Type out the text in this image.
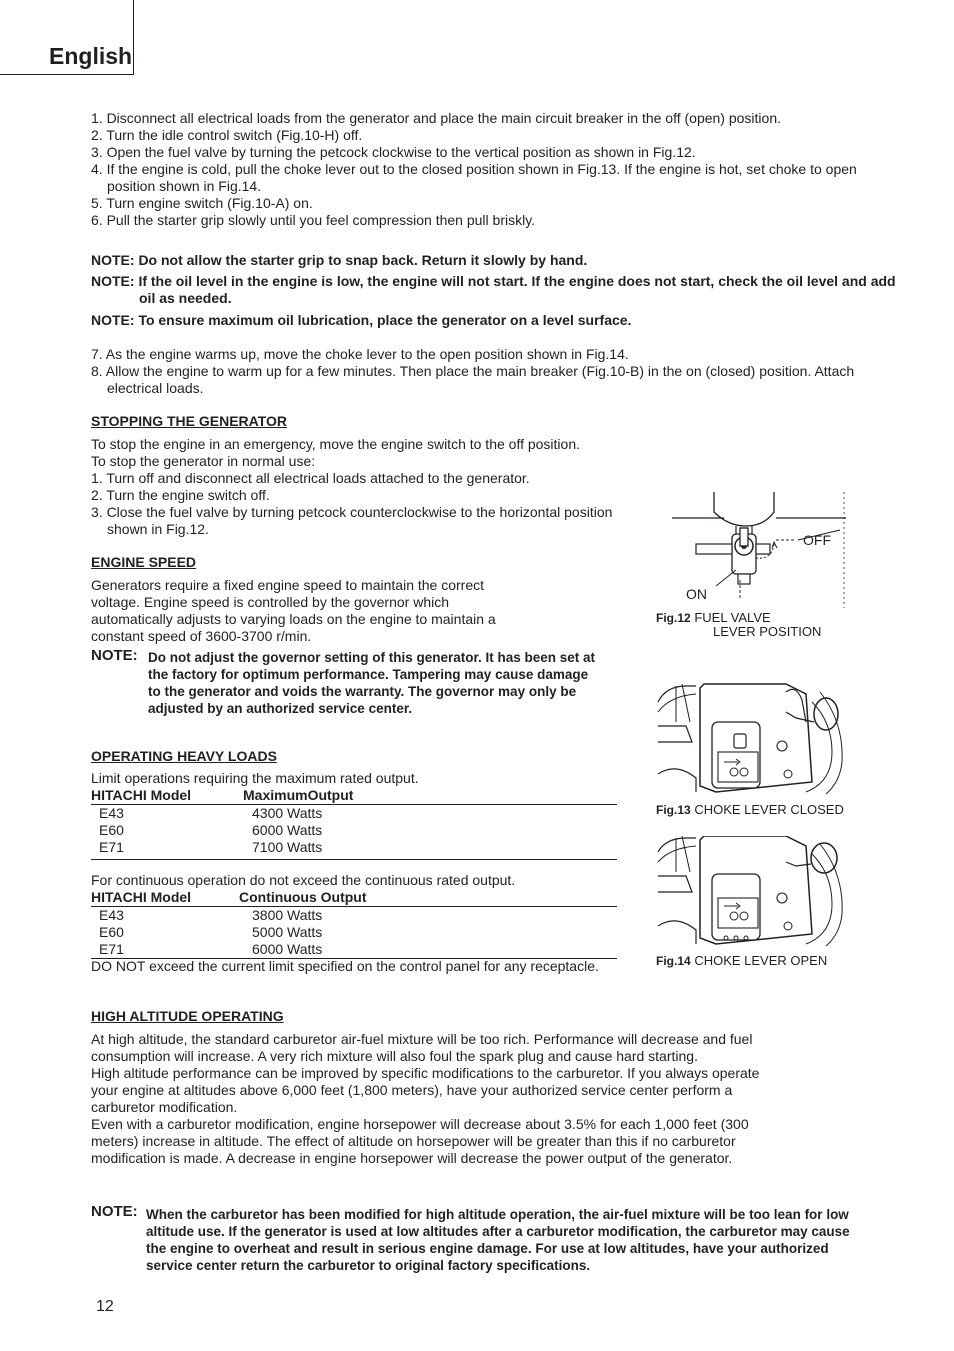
English
1. Disconnect all electrical loads from the generator and place the main circuit breaker in the off (open) position.
2. Turn the idle control switch (Fig.10-H) off.
3. Open the fuel valve by turning the petcock clockwise to the vertical position as shown in Fig.12.
4. If the engine is cold, pull the choke lever out to the closed position shown in Fig.13. If the engine is hot, set choke to open position shown in Fig.14.
5. Turn engine switch (Fig.10-A) on.
6. Pull the starter grip slowly until you feel compression then pull briskly.
NOTE: Do not allow the starter grip to snap back. Return it slowly by hand.
NOTE: If the oil level in the engine is low, the engine will not start. If the engine does not start, check the oil level and add oil as needed.
NOTE: To ensure maximum oil lubrication, place the generator on a level surface.
7. As the engine warms up, move the choke lever to the open position shown in Fig.14.
8. Allow the engine to warm up for a few minutes. Then place the main breaker (Fig.10-B) in the on (closed) position. Attach electrical loads.
STOPPING THE GENERATOR
To stop the engine in an emergency, move the engine switch to the off position.
To stop the generator in normal use:
1. Turn off and disconnect all electrical loads attached to the generator.
2. Turn the engine switch off.
3. Close the fuel valve by turning petcock counterclockwise to the horizontal position shown in Fig.12.
ENGINE SPEED
Generators require a fixed engine speed to maintain the correct voltage. Engine speed is controlled by the governor which automatically adjusts to varying loads on the engine to maintain a constant speed of 3600-3700 r/min.
NOTE: Do not adjust the governor setting of this generator. It has been set at the factory for optimum performance. Tampering may cause damage to the generator and voids the warranty. The governor may only be adjusted by an authorized service center.
OPERATING HEAVY LOADS
Limit operations requiring the maximum rated output.
HITACHI Model	MaximumOutput
E43	4300 Watts
E60	6000 Watts
E71	7100 Watts
For continuous operation do not exceed the continuous rated output.
HITACHI Model	Continuous Output
E43	3800 Watts
E60	5000 Watts
E71	6000 Watts
DO NOT exceed the current limit specified on the control panel for any receptacle.
OFF
ON
Fig.12 FUEL VALVE
LEVER POSITION
Fig.13 CHOKE LEVER CLOSED
Fig.14 CHOKE LEVER OPEN
HIGH ALTITUDE OPERATING

At high altitude, the standard carburetor air-fuel mixture will be too rich. Performance will decrease and fuel consumption will increase. A very rich mixture will also foul the spark plug and cause hard starting.

High altitude performance can be improved by specific modifications to the carburetor. If you always operate your engine at altitudes above 6,000 feet (1,800 meters), have your authorized service center perform a carburetor modification.

Even with a carburetor modification, engine horsepower will decrease about 3.5% for each 1,000 feet (300 meters) increase in altitude. The effect of altitude on horsepower will be greater than this if no carburetor modification is made. A decrease in engine horsepower will decrease the power output of the generator.

NOTE: When the carburetor has been modified for high altitude operation, the air-fuel mixture will be too lean for low altitude use. If the generator is used at low altitudes after a carburetor modification, the carburetor may cause the engine to overheat and result in serious engine damage. For use at low altitudes, have your authorized service center return the carburetor to original factory specifications.
12
